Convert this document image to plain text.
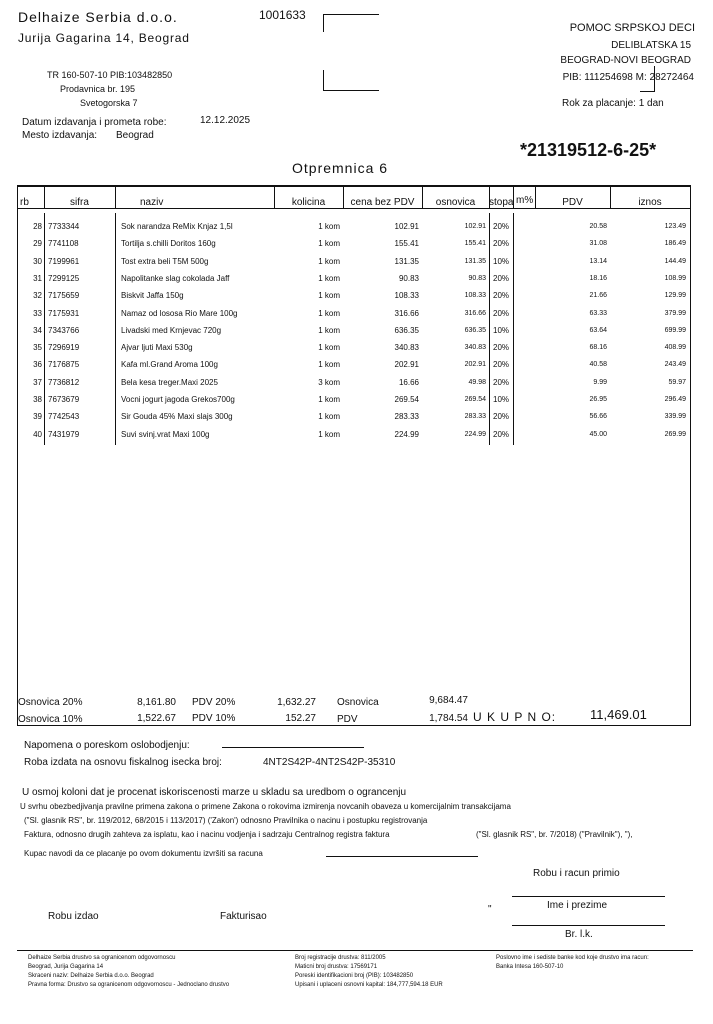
Delhaize Serbia d.o.o.
Jurija Gagarina 14, Beograd
TR 160-507-10 PIB:103482850
Prodavnica br. 195
Svetogorska 7
1001633
POMOC SRPSKOJ DECI
DELIBLATSKA 15
BEOGRAD-NOVI BEOGRAD
PIB: 111254698 M: 28272464
Rok za placanje: 1 dan
Datum izdavanja i prometa robe:	12.12.2025
Mesto izdavanja: Beograd
*21319512-6-25*
Otpremnica 6
rb	sifra	naziv	kolicina	cena bez PDV	osnovica	stopa m%	PDV	iznos
28 7733344	Sok narandza ReMix Knjaz 1,5l	1 kom	102.91	102.91 20%	20.58	123.49
29 7741108	Tortilja s.chilli Doritos 160g	1 kom	155.41	155.41 20%	31.08	186.49
30 7199961	Tost extra beli T5M 500g	1 kom	131.35	131.35 10%	13.14	144.49
31 7299125	Napolitanke slag cokolada Jaff	1 kom	90.83	90.83 20%	18.16	108.99
32 7175659	Biskvit Jaffa 150g	1 kom	108.33	108.33 20%	21.66	129.99
33 7175931	Namaz od lososa Rio Mare 100g	1 kom	316.66	316.66 20%	63.33	379.99
34 7343766	Livadski med Krnjevac 720g	1 kom	636.35	636.35 10%	63.64	699.99
35 7296919	Ajvar ljuti Maxi 530g	1 kom	340.83	340.83 20%	68.16	408.99
36 7176875	Kafa ml.Grand Aroma 100g	1 kom	202.91	202.91 20%	40.58	243.49
37 7736812	Bela kesa treger.Maxi 2025	3 kom	16.66	49.98 20%	9.99	59.97
38 7673679	Vocni jogurt jagoda Grekos700g	1 kom	269.54	269.54 10%	26.95	296.49
39 7742543	Sir Gouda 45% Maxi slajs 300g	1 kom	283.33	283.33 20%	56.66	339.99
40 7431979	Suvi svinj.vrat Maxi 100g	1 kom	224.99	224.99 20%	45.00	269.99
Osnovica 20%	8,161.80 PDV 20%	1,632.27 Osnovica	9,684.47
Osnovica 10%	1,522.67 PDV 10%	152.27 PDV	1,784.54 U K U P N O:	11,469.01
Napomena o poreskom oslobodjenju:
Roba izdata na osnovu fiskalnog isecka broj:	4NT2S42P-4NT2S42P-35310
U osmoj koloni dat je procenat iskoriscenosti marze u skladu sa uredbom o ograncenju
U svrhu obezbedjivanja pravilne primena zakona o primene Zakona o rokovima izmirenja novcanih obaveza u komercijalnim transakcijama
("Sl. glasnik RS", br. 119/2012, 68/2015 i 113/2017) ('Zakon') odnosno Pravilnika o nacinu i postupku registrovanja
Faktura, odnosno drugih zahteva za isplatu, kao i nacinu vodjenja i sadrzaju Centralnog registra faktura	("Sl. glasnik RS", br. 7/2018) ("Pravilnik"), "),
Kupac navodi da ce placanje po ovom dokumentu izvršiti sa racuna
Robu i racun primio
Ime i prezime
"
Br. l.k.
Robu izdao	Fakturisao
Delhaize Serbia drustvo sa ogranicenom odgovornoscu
Beograd, Jurija Gagarina 14
Skraceni naziv: Delhaize Serbia d.o.o. Beograd
Pravna forma: Drustvo sa ogranicenom odgovornoscu - Jednoclano drustvo
Broj registracije drustva: 811/2005
Maticni broj drustva: 17569171
Poreski identifikacioni broj (PIB): 103482850
Upisani i uplaceni osnovni kapital: 184,777,594.18 EUR
Poslovno ime i sediste banke kod koje drustvo ima racun:
Banka Intesa 160-507-10
